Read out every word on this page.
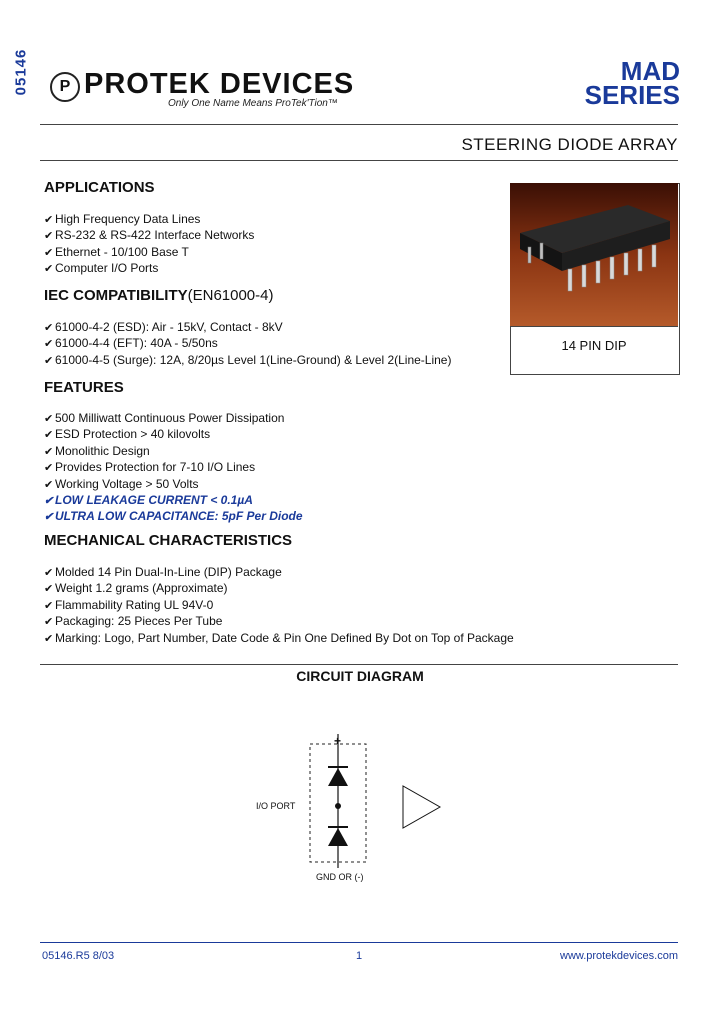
05146	P PROTEK DEVICES
Only One Name Means ProTek'Tion™
MAD
SERIES
STEERING DIODE ARRAY
APPLICATIONS
✔ High Frequency Data Lines
✔ RS-232 & RS-422 Interface Networks
✔ Ethernet - 10/100 Base T
✔ Computer I/O Ports
IEC COMPATIBILITY(EN61000-4)
✔ 61000-4-2 (ESD): Air - 15kV, Contact - 8kV
✔ 61000-4-4 (EFT): 40A - 5/50ns
✔ 61000-4-5 (Surge): 12A, 8/20µs Level 1(Line-Ground) & Level 2(Line-Line)
FEATURES
✔ 500 Milliwatt Continuous Power Dissipation
✔ ESD Protection > 40 kilovolts
✔ Monolithic Design
✔ Provides Protection for 7-10 I/O Lines
✔ Working Voltage > 50 Volts
✔ LOW LEAKAGE CURRENT < 0.1µA
✔ ULTRA LOW CAPACITANCE: 5pF Per Diode
MECHANICAL CHARACTERISTICS
✔ Molded 14 Pin Dual-In-Line (DIP) Package
✔ Weight 1.2 grams (Approximate)
✔ Flammability Rating UL 94V-0
✔ Packaging: 25 Pieces Per Tube
✔ Marking: Logo, Part Number, Date Code & Pin One Defined By Dot on Top of Package
14 PIN DIP
CIRCUIT DIAGRAM
+
I/O PORT
GND OR (-)
05146.R5 8/03	1	www.protekdevices.com
